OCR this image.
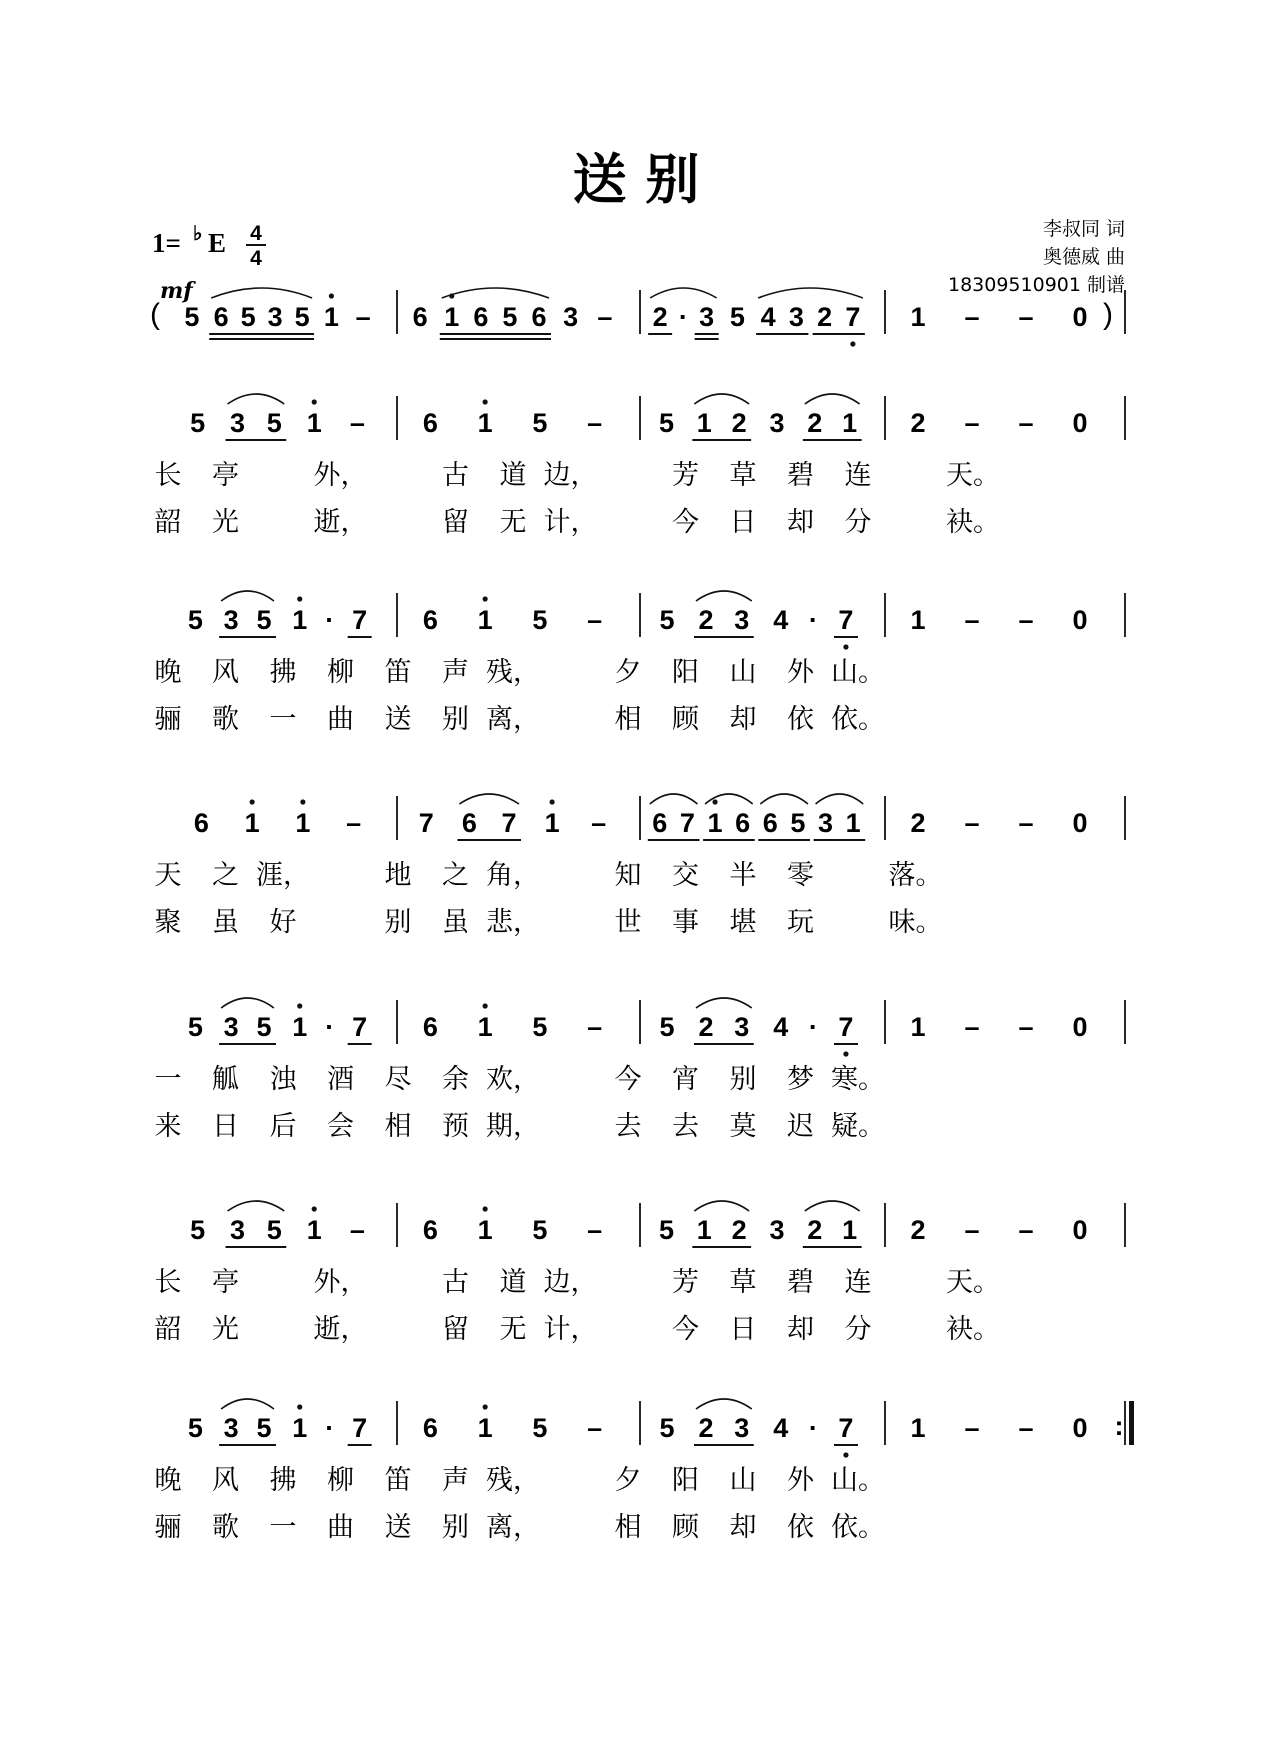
送 别
1= ♭ E 4
4
mf
李叔同 词
奥德威 曲
18309510901 制谱
(	)
5 6 5 3 5 1 – 6 1 6 5 6 3 – 2 · 3 5 4 3 2 7 1 – – 0
5 3 5 1 – 6 1 5 – 5 1 2 3 2 1 2 – – 0
长 亭	外，	古 道 边，	芳 草 碧 连	天。
韶 光	逝，	留 无 计，	今 日 却 分	袂。
5 3 5 1 · 7 6 1 5 – 5 2 3 4 · 7 1 – – 0
晚 风 拂 柳 笛 声 残，	夕 阳 山 外 山。
骊 歌 一 曲 送 别 离，	相 顾 却 依 依。
6 1 1 – 7 6 7 1 – 6 7 1 6 6 5 3 1 2 – – 0
天 之 涯，	地 之 角，	知 交 半 零	落。
聚 虽 好	别 虽 悲，	世 事 堪 玩	味。
5 3 5 1 · 7 6 1 5 – 5 2 3 4 · 7 1 – – 0
一 觚 浊 酒 尽 余 欢，	今 宵 别 梦 寒。
来 日 后 会 相 预 期，	去 去 莫 迟 疑。
5 3 5 1 – 6 1 5 – 5 1 2 3 2 1 2 – – 0
长 亭	外，	古 道 边，	芳 草 碧 连	天。
韶 光	逝，	留 无 计，	今 日 却 分	袂。
:
5 3 5 1 · 7 6 1 5 – 5 2 3 4 · 7 1 – – 0
晚 风 拂 柳 笛 声 残，	夕 阳 山 外 山。
骊 歌 一 曲 送 别 离，	相 顾 却 依 依。
